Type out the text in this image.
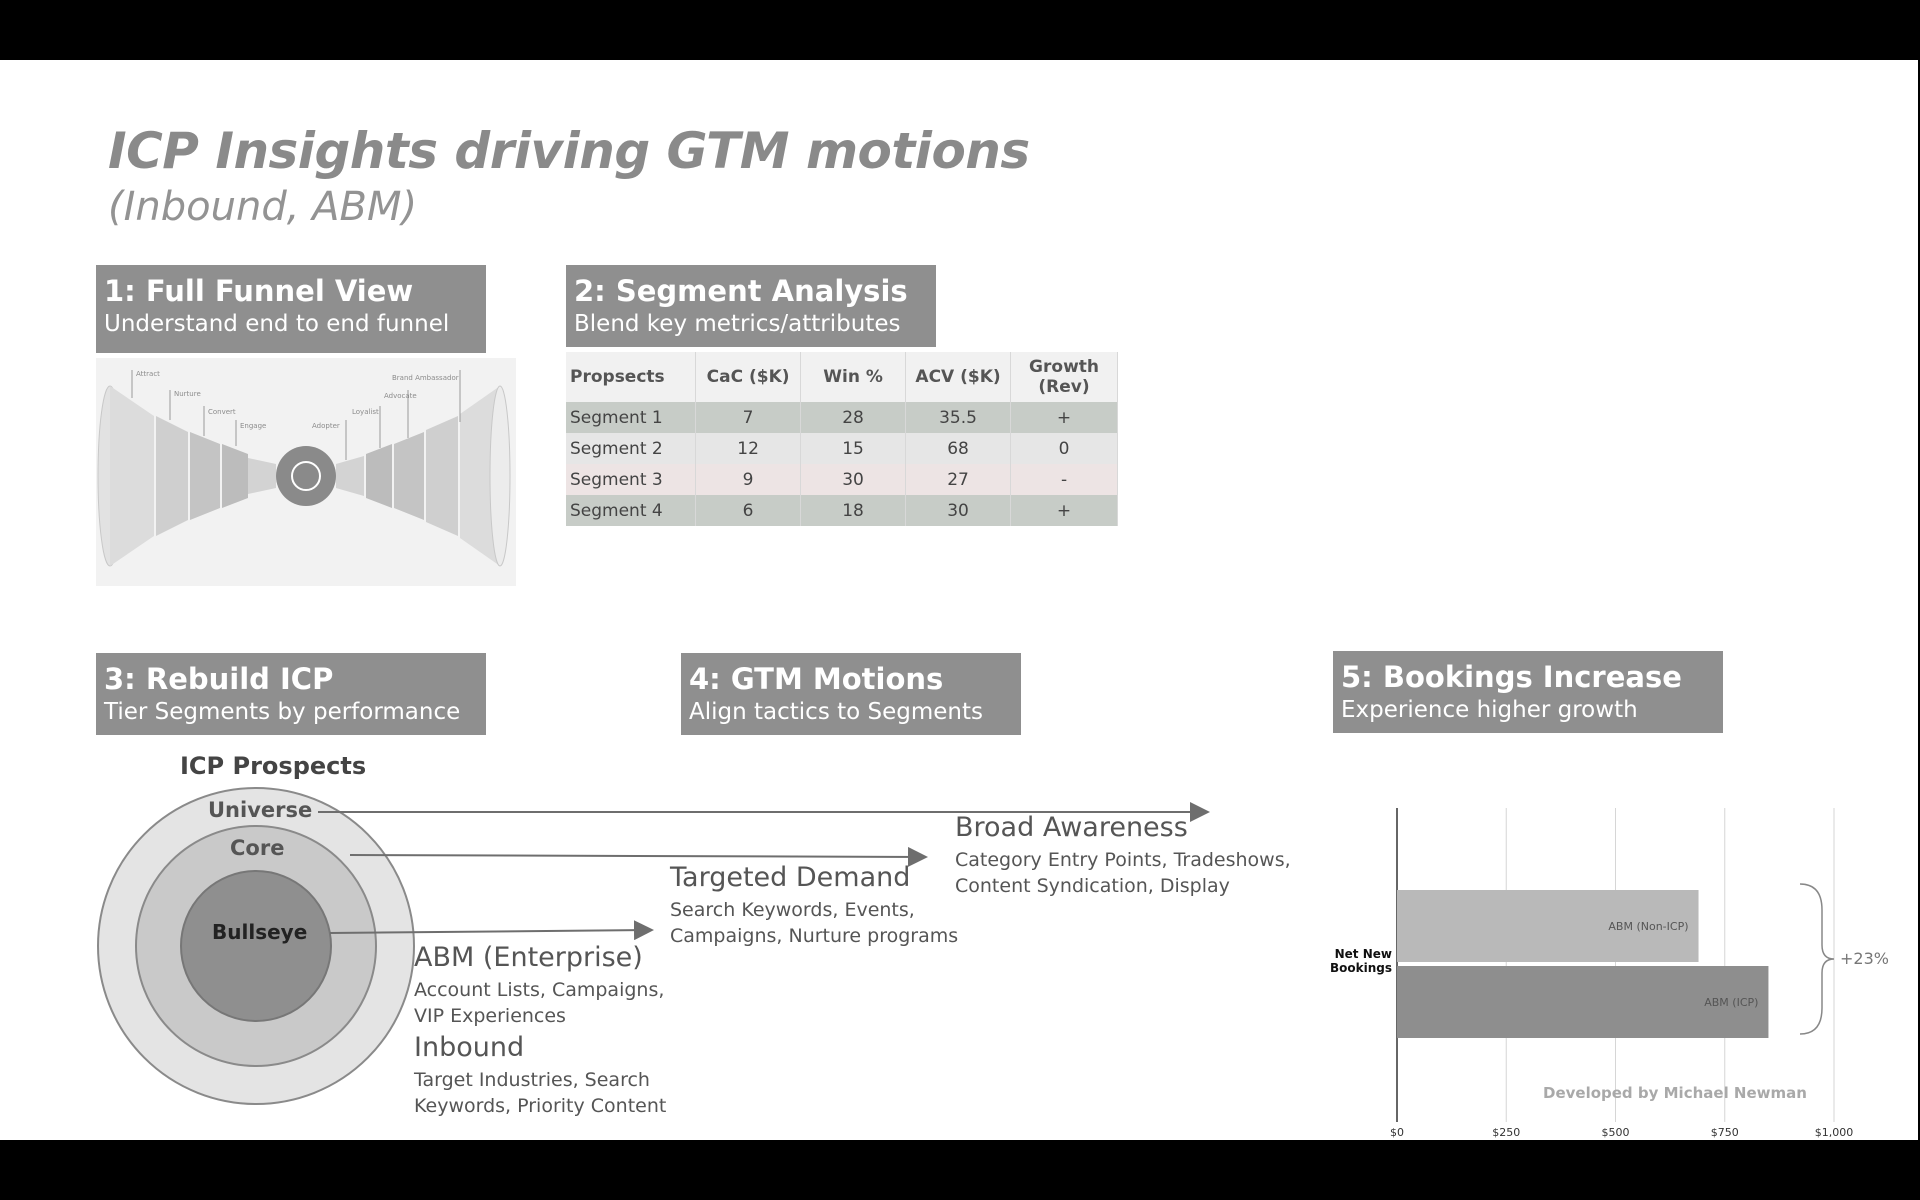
ICP Insights driving GTM motions
(Inbound, ABM)
1: Full Funnel View
Understand end to end funnel
Attract
Nurture
Convert
Engage	Adopter
Loyalist
Advocate
Brand Ambassador
2: Segment Analysis
Blend key metrics/attributes
Propsects	CaC ($K)	Win %	ACV ($K)	Growth (Rev)
Segment 1	7	28	35.5	+
Segment 2	12	15	68	0
Segment 3	9	30	27	-
Segment 4	6	18	30	+
3: Rebuild ICP
Tier Segments by performance
ICP Prospects
Universe
Core
Bullseye
4: GTM Motions
Align tactics to Segments
Broad Awareness
Category Entry Points, Tradeshows,
Content Syndication, Display
Targeted Demand
Search Keywords, Events,
Campaigns, Nurture programs
ABM (Enterprise)
Account Lists, Campaigns,
VIP Experiences
Inbound
Target Industries, Search
Keywords, Priority Content
5: Bookings Increase
Experience higher growth
$0	$250	$500	$750	$1,000
ABM (Non-ICP)
ABM (ICP)
Net New
Bookings	+23%
Developed by Michael Newman
